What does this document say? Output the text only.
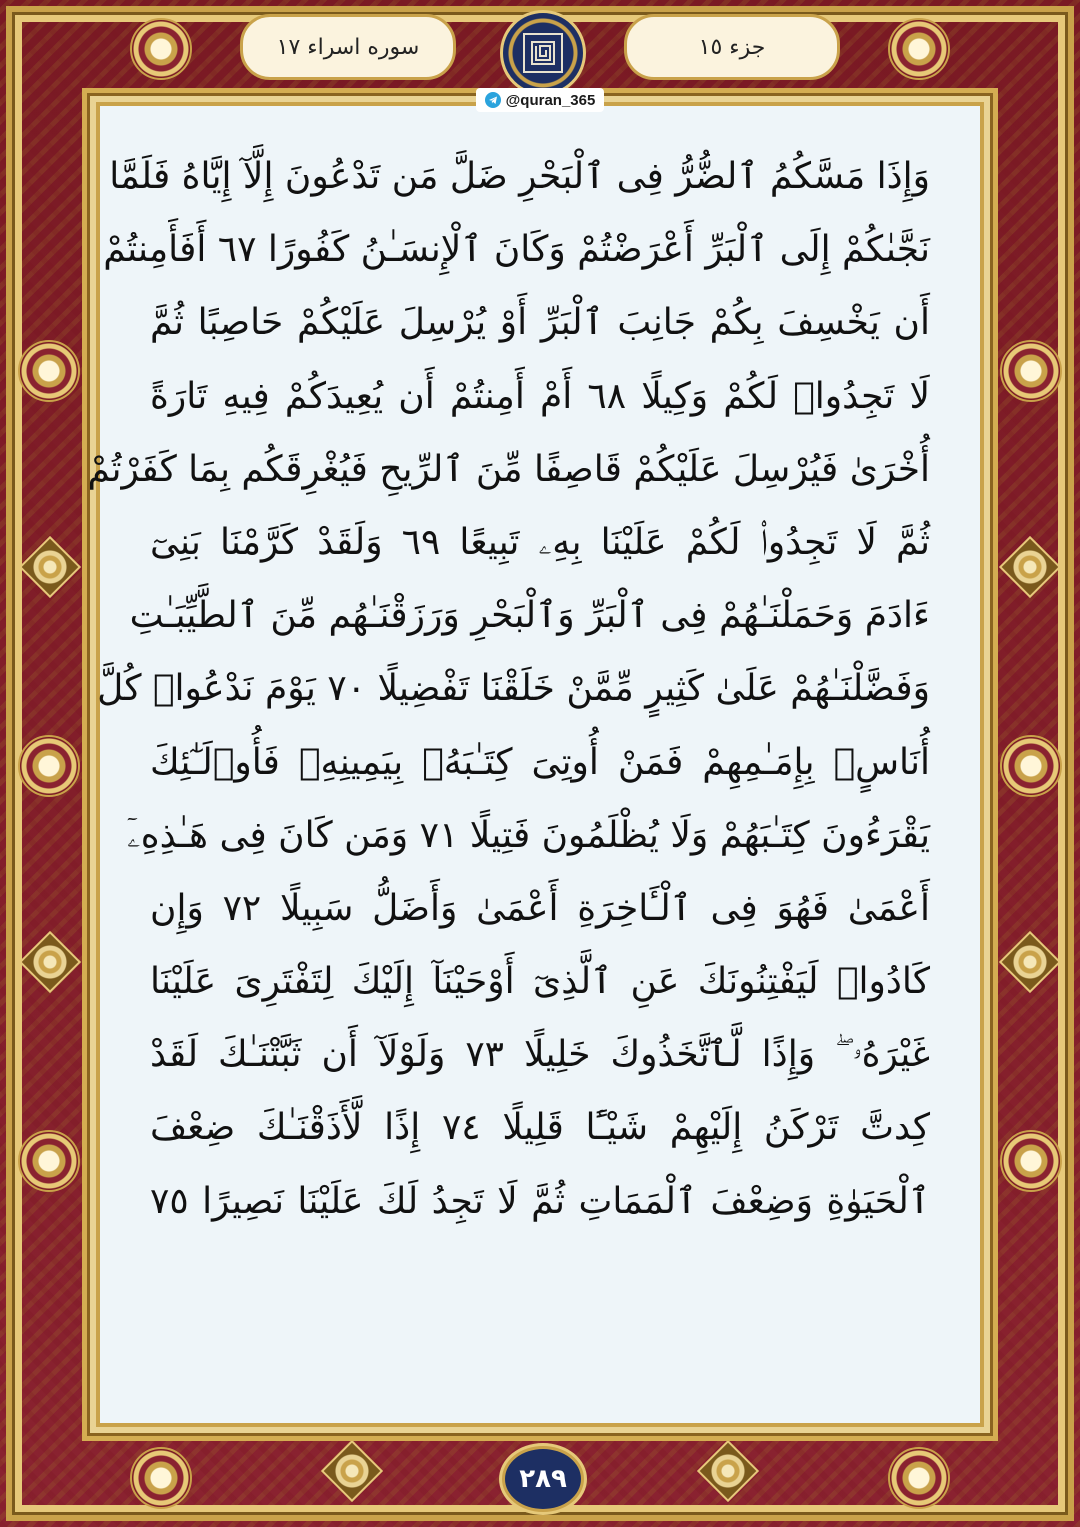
سوره اسراء ١٧	جزء ١٥
@quran_365
وَإِذَا مَسَّكُمُ ٱلضُّرُّ فِى ٱلْبَحْرِ ضَلَّ مَن تَدْعُونَ إِلَّآ إِيَّاهُ فَلَمَّا
نَجَّىٰكُمْ إِلَى ٱلْبَرِّ أَعْرَضْتُمْ وَكَانَ ٱلْإِنسَـٰنُ كَفُورًا ٦٧ أَفَأَمِنتُمْ
أَن يَخْسِفَ بِكُمْ جَانِبَ ٱلْبَرِّ أَوْ يُرْسِلَ عَلَيْكُمْ حَاصِبًا ثُمَّ
لَا تَجِدُوا۟ لَكُمْ وَكِيلًا ٦٨ أَمْ أَمِنتُمْ أَن يُعِيدَكُمْ فِيهِ تَارَةً
أُخْرَىٰ فَيُرْسِلَ عَلَيْكُمْ قَاصِفًا مِّنَ ٱلرِّيحِ فَيُغْرِقَكُم بِمَا كَفَرْتُمْ
ثُمَّ لَا تَجِدُوا۟ لَكُمْ عَلَيْنَا بِهِۦ تَبِيعًا ٦٩ وَلَقَدْ كَرَّمْنَا بَنِىٓ
ءَادَمَ وَحَمَلْنَـٰهُمْ فِى ٱلْبَرِّ وَٱلْبَحْرِ وَرَزَقْنَـٰهُم مِّنَ ٱلطَّيِّبَـٰتِ
وَفَضَّلْنَـٰهُمْ عَلَىٰ كَثِيرٍ مِّمَّنْ خَلَقْنَا تَفْضِيلًا ٧٠ يَوْمَ نَدْعُوا۟ كُلَّ
أُنَاسٍۭ بِإِمَـٰمِهِمْ فَمَنْ أُوتِىَ كِتَـٰبَهُۥ بِيَمِينِهِۦ فَأُو۟لَـٰٓئِكَ
يَقْرَءُونَ كِتَـٰبَهُمْ وَلَا يُظْلَمُونَ فَتِيلًا ٧١ وَمَن كَانَ فِى هَـٰذِهِۦٓ
أَعْمَىٰ فَهُوَ فِى ٱلْـَٔاخِرَةِ أَعْمَىٰ وَأَضَلُّ سَبِيلًا ٧٢ وَإِن
كَادُوا۟ لَيَفْتِنُونَكَ عَنِ ٱلَّذِىٓ أَوْحَيْنَآ إِلَيْكَ لِتَفْتَرِىَ عَلَيْنَا
غَيْرَهُۥ ۖ وَإِذًا لَّٱتَّخَذُوكَ خَلِيلًا ٧٣ وَلَوْلَآ أَن ثَبَّتْنَـٰكَ لَقَدْ
كِدتَّ تَرْكَنُ إِلَيْهِمْ شَيْـًٔا قَلِيلًا ٧٤ إِذًا لَّأَذَقْنَـٰكَ ضِعْفَ
ٱلْحَيَوٰةِ وَضِعْفَ ٱلْمَمَاتِ ثُمَّ لَا تَجِدُ لَكَ عَلَيْنَا نَصِيرًا ٧٥
٢٨٩
